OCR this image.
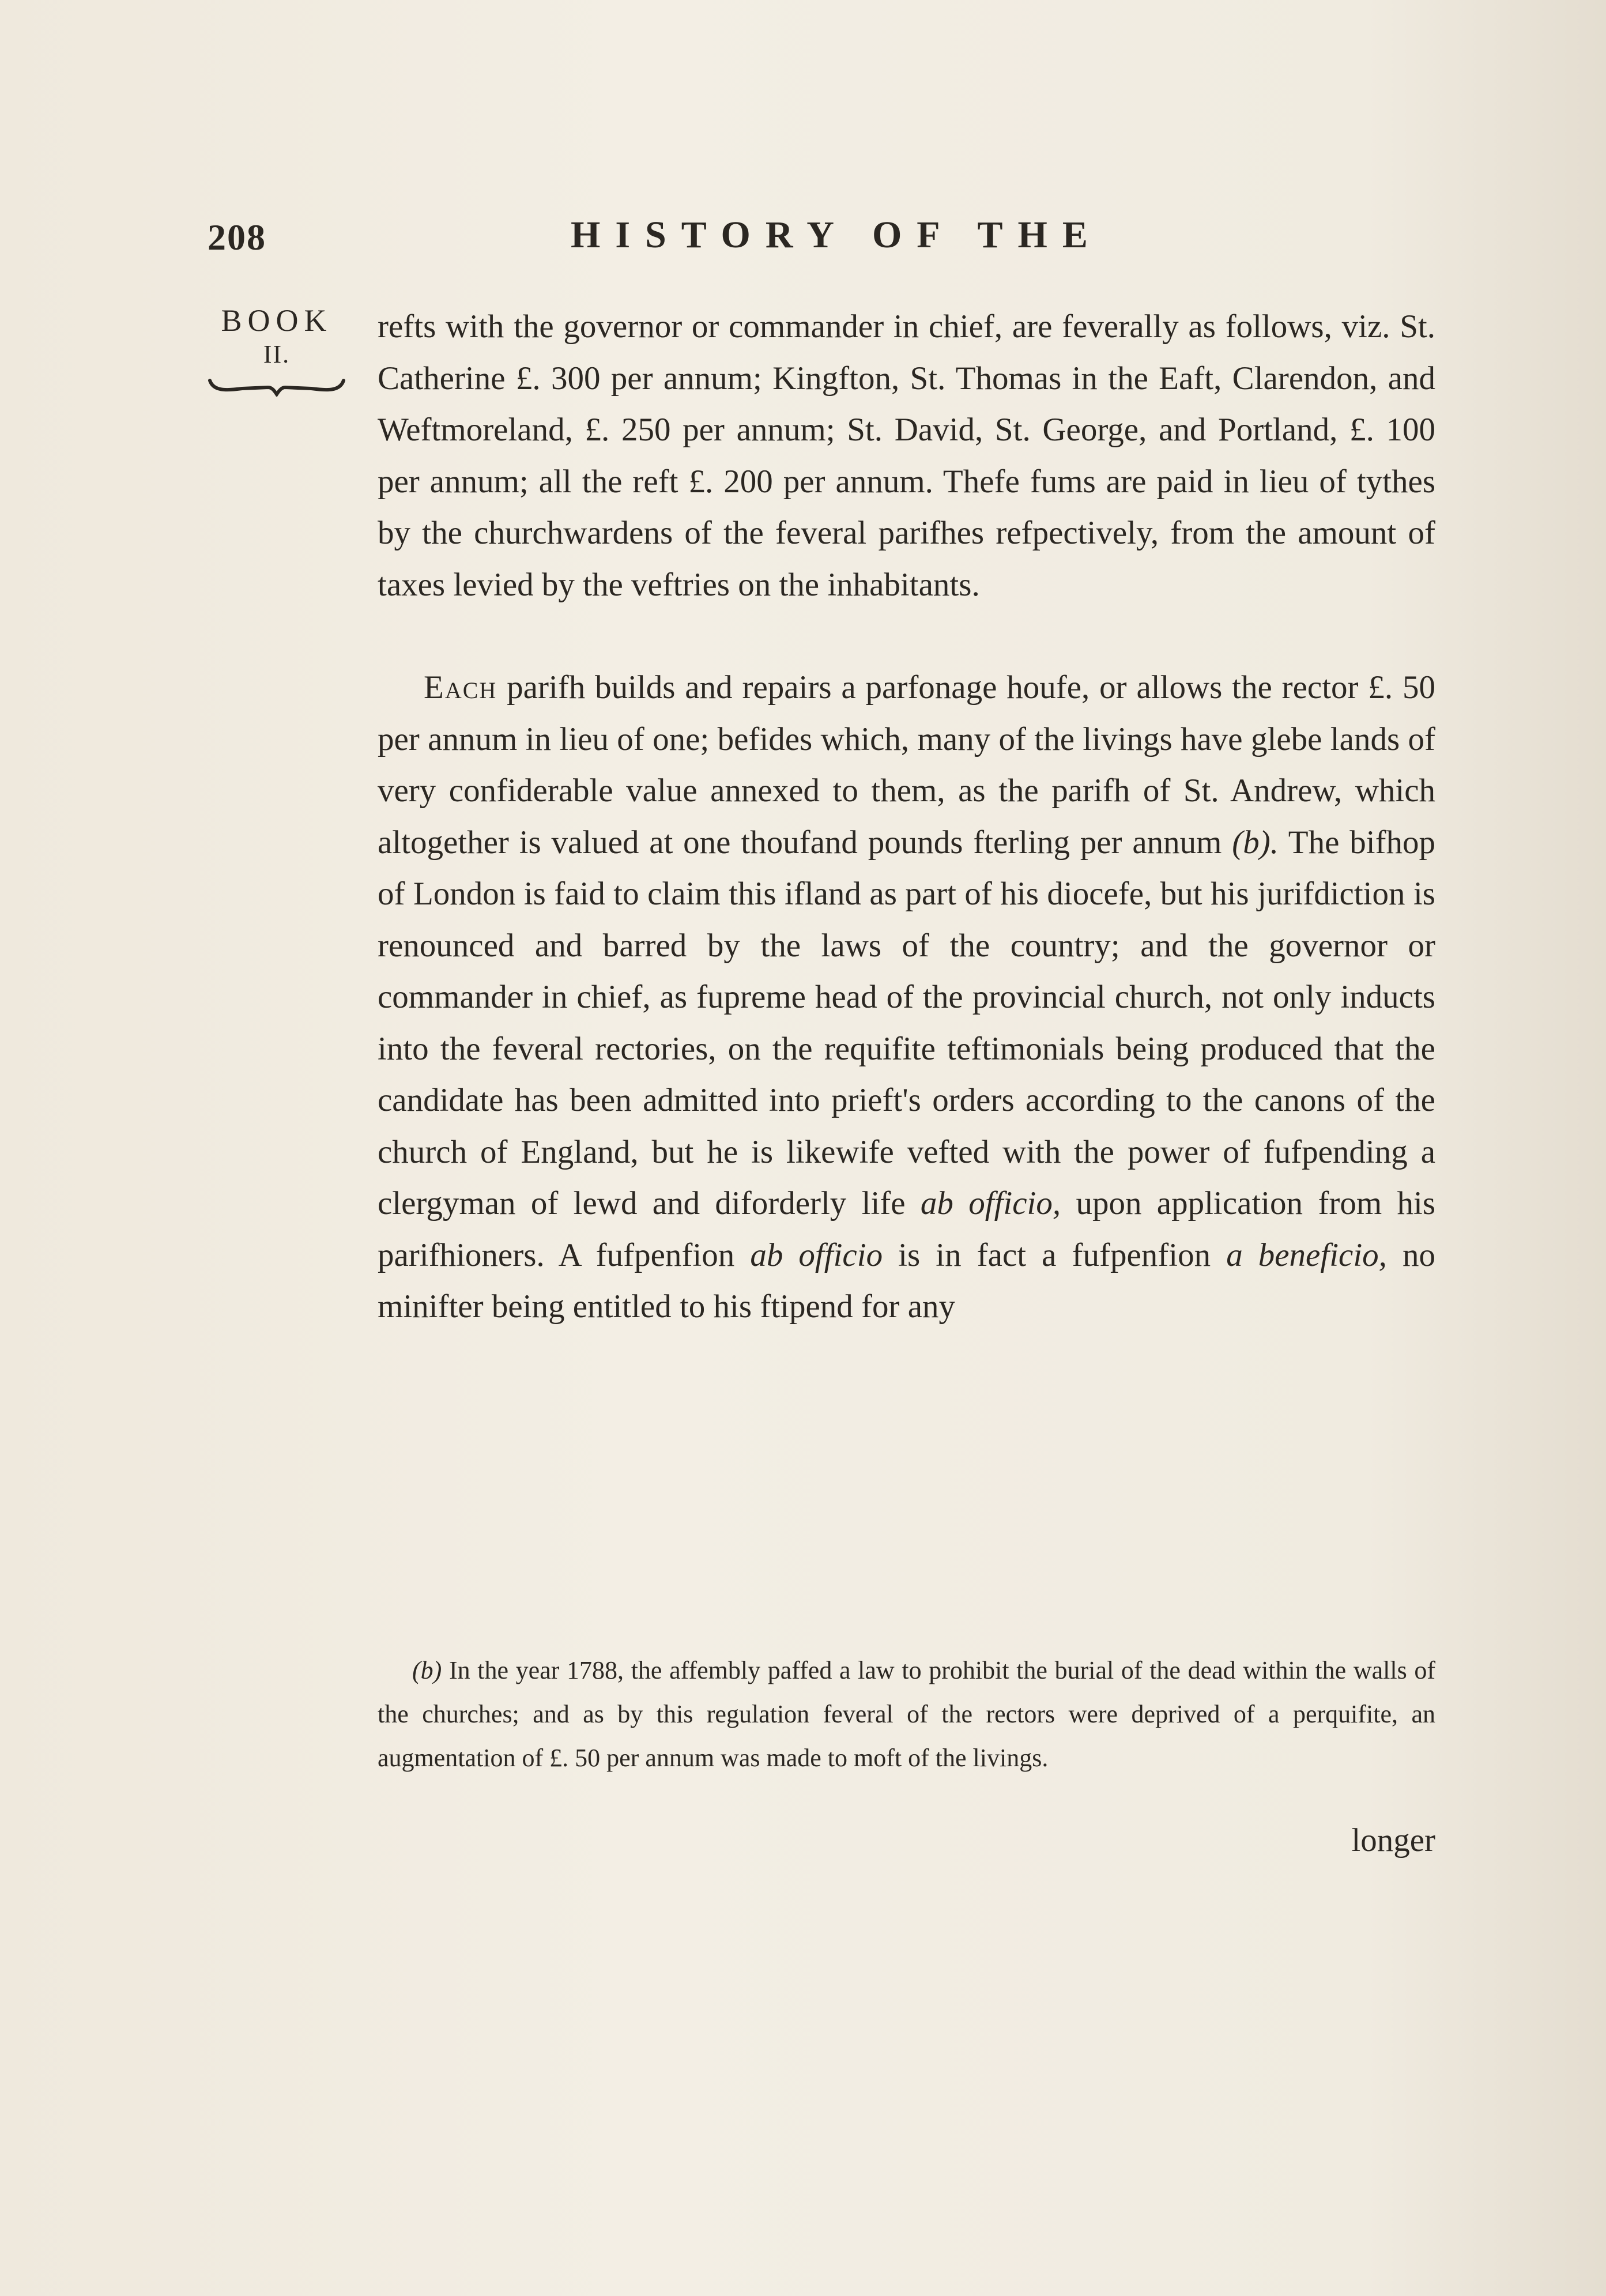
208	HISTORY OF THE
BOOK
II.

refts with the governor or commander in chief, are feverally as follows, viz. St. Catherine £. 300 per annum; Kingfton, St. Thomas in the Eaft, Clarendon, and Weftmoreland, £. 250 per annum; St. David, St. George, and Portland, £. 100 per annum; all the reft £. 200 per annum. Thefe fums are paid in lieu of tythes by the churchwardens of the feveral parifhes refpectively, from the amount of taxes levied by the veftries on the inhabitants.

Each parifh builds and repairs a parfonage houfe, or allows the rector £. 50 per annum in lieu of one; befides which, many of the livings have glebe lands of very confiderable value annexed to them, as the parifh of St. Andrew, which altogether is valued at one thoufand pounds fterling per annum (b). The bifhop of London is faid to claim this ifland as part of his diocefe, but his jurifdiction is renounced and barred by the laws of the country; and the governor or commander in chief, as fupreme head of the provincial church, not only inducts into the feveral rectories, on the requifite teftimonials being produced that the candidate has been admitted into prieft's orders according to the canons of the church of England, but he is likewife vefted with the power of fufpending a clergyman of lewd and diforderly life ab officio, upon application from his parifhioners. A fufpenfion ab officio is in fact a fufpenfion a beneficio, no minifter being entitled to his ftipend for any

(b) In the year 1788, the affembly paffed a law to prohibit the burial of the dead within the walls of the churches; and as by this regulation feveral of the rectors were deprived of a perquifite, an augmentation of £. 50 per annum was made to moft of the livings.
longer
